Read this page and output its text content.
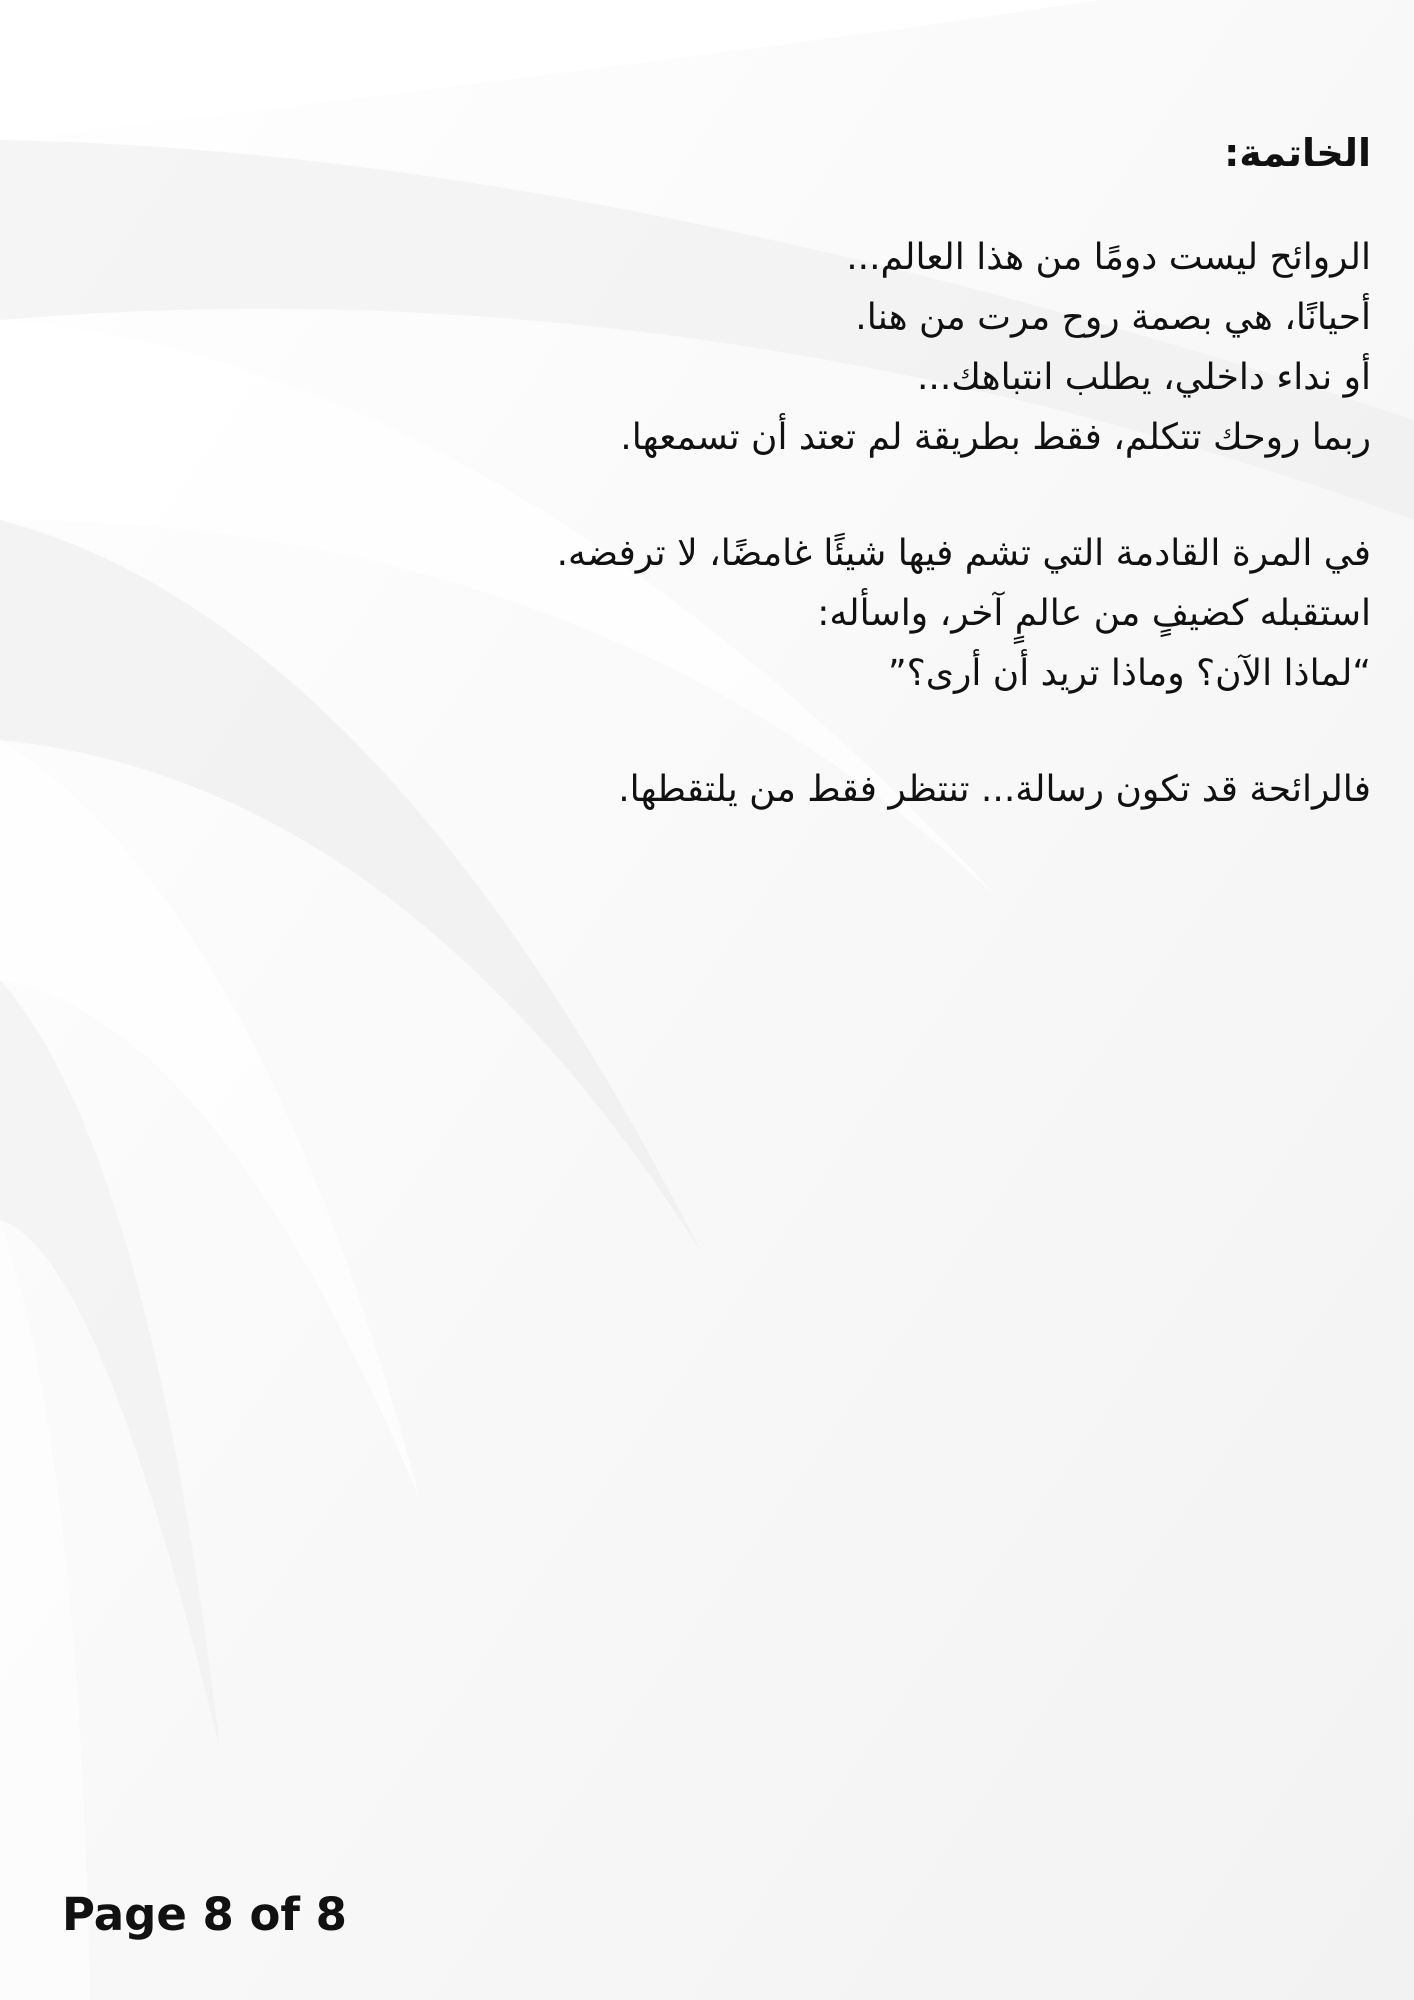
الخاتمة:
الروائح ليست دومًا من هذا العالم...
أحيانًا، هي بصمة روح مرت من هنا.
أو نداء داخلي، يطلب انتباهك...
ربما روحك تتكلم، فقط بطريقة لم تعتد أن تسمعها.
في المرة القادمة التي تشم فيها شيئًا غامضًا، لا ترفضه.
استقبله كضيفٍ من عالمٍ آخر، واسأله:
“لماذا الآن؟ وماذا تريد أن أرى؟”
فالرائحة قد تكون رسالة... تنتظر فقط من يلتقطها.
Page 8 of 8
